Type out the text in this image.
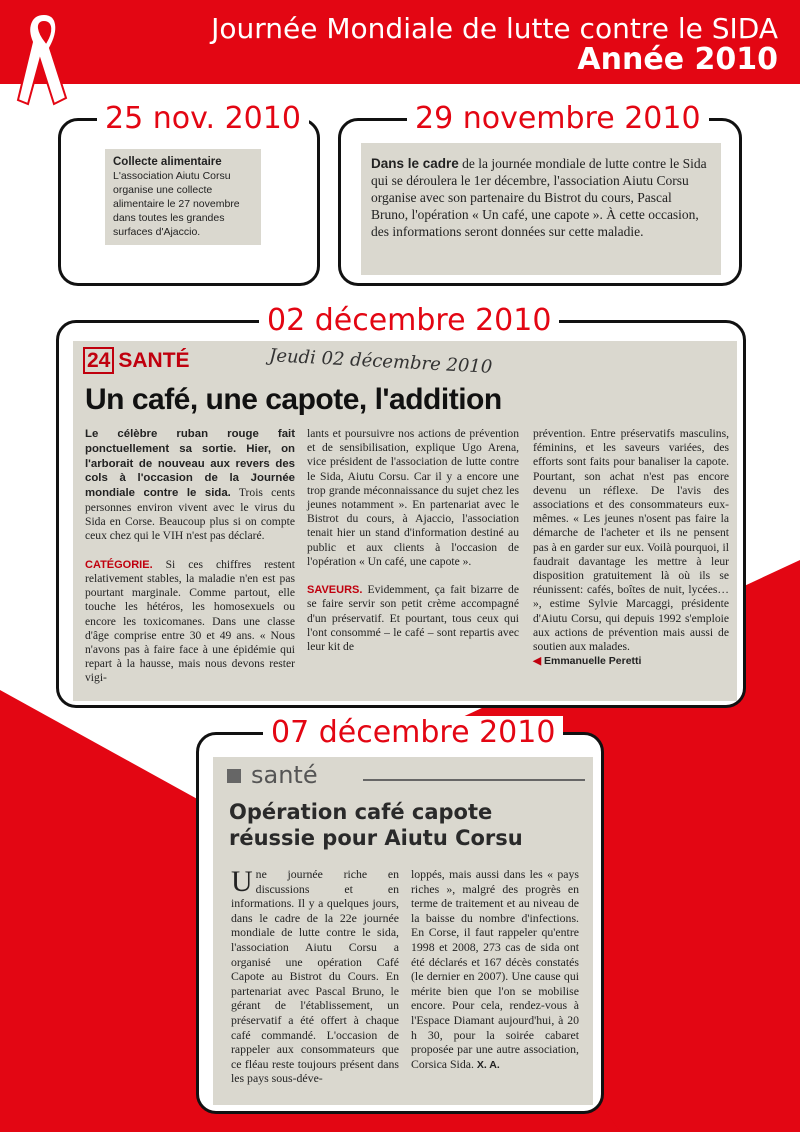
Journée Mondiale de lutte contre le SIDA
Année 2010
25 nov. 2010
Collecte alimentaire
L'association Aiutu Corsu organise une collecte alimentaire le 27 novembre dans toutes les grandes surfaces d'Ajaccio.
29 novembre 2010
Dans le cadre de la journée mondiale de lutte contre le Sida qui se déroulera le 1er décembre, l'association Aiutu Corsu organise avec son partenaire du Bistrot du cours, Pascal Bruno, l'opération « Un café, une capote ». À cette occasion, des informations seront données sur cette maladie.
02 décembre 2010
24 SANTÉ	Jeudi 02 décembre 2010
Un café, une capote, l'addition
Le célèbre ruban rouge fait ponctuellement sa sortie. Hier, on l'arborait de nouveau aux revers des cols à l'occasion de la Journée mondiale contre le sida. Trois cents personnes environ vivent avec le virus du Sida en Corse. Beaucoup plus si on compte ceux chez qui le VIH n'est pas déclaré.

CATÉGORIE. Si ces chiffres restent relativement stables, la maladie n'en est pas pourtant marginale. Comme partout, elle touche les hétéros, les homosexuels ou encore les toxicomanes. Dans une classe d'âge comprise entre 30 et 49 ans. « Nous n'avons pas à faire face à une épidémie qui repart à la hausse, mais nous devons rester vigi-
lants et poursuivre nos actions de prévention et de sensibilisation, explique Ugo Arena, vice président de l'association de lutte contre le Sida, Aiutu Corsu. Car il y a encore une trop grande méconnaissance du sujet chez les jeunes notamment ». En partenariat avec le Bistrot du cours, à Ajaccio, l'association tenait hier un stand d'information destiné au public et aux clients à l'occasion de l'opération « Un café, une capote ».

SAVEURS. Evidemment, ça fait bizarre de se faire servir son petit crème accompagné d'un préservatif. Et pourtant, tous ceux qui l'ont consommé – le café – sont repartis avec leur kit de
prévention. Entre préservatifs masculins, féminins, et les saveurs variées, des efforts sont faits pour banaliser la capote. Pourtant, son achat n'est pas encore devenu un réflexe. De l'avis des associations et des consommateurs eux-mêmes. « Les jeunes n'osent pas faire la démarche de l'acheter et ils ne pensent pas à en garder sur eux. Voilà pourquoi, il faudrait davantage les mettre à leur disposition gratuitement là où ils se réunissent: cafés, boîtes de nuit, lycées… », estime Sylvie Marcaggi, présidente d'Aiutu Corsu, qui depuis 1992 s'emploie aux actions de prévention mais aussi de soutien aux malades.
◀ Emmanuelle Peretti
07 décembre 2010
santé
Opération café capote réussie pour Aiutu Corsu
Une journée riche en discussions et en informations. Il y a quelques jours, dans le cadre de la 22e journée mondiale de lutte contre le sida, l'association Aiutu Corsu a organisé une opération Café Capote au Bistrot du Cours. En partenariat avec Pascal Bruno, le gérant de l'établissement, un préservatif a été offert à chaque café commandé. L'occasion de rappeler aux consommateurs que ce fléau reste toujours présent dans les pays sous-déve-
loppés, mais aussi dans les « pays riches », malgré des progrès en terme de traitement et au niveau de la baisse du nombre d'infections. En Corse, il faut rappeler qu'entre 1998 et 2008, 273 cas de sida ont été déclarés et 167 décès constatés (le dernier en 2007). Une cause qui mérite bien que l'on se mobilise encore. Pour cela, rendez-vous à l'Espace Diamant aujourd'hui, à 20 h 30, pour la soirée cabaret proposée par une autre association, Corsica Sida. X. A.
